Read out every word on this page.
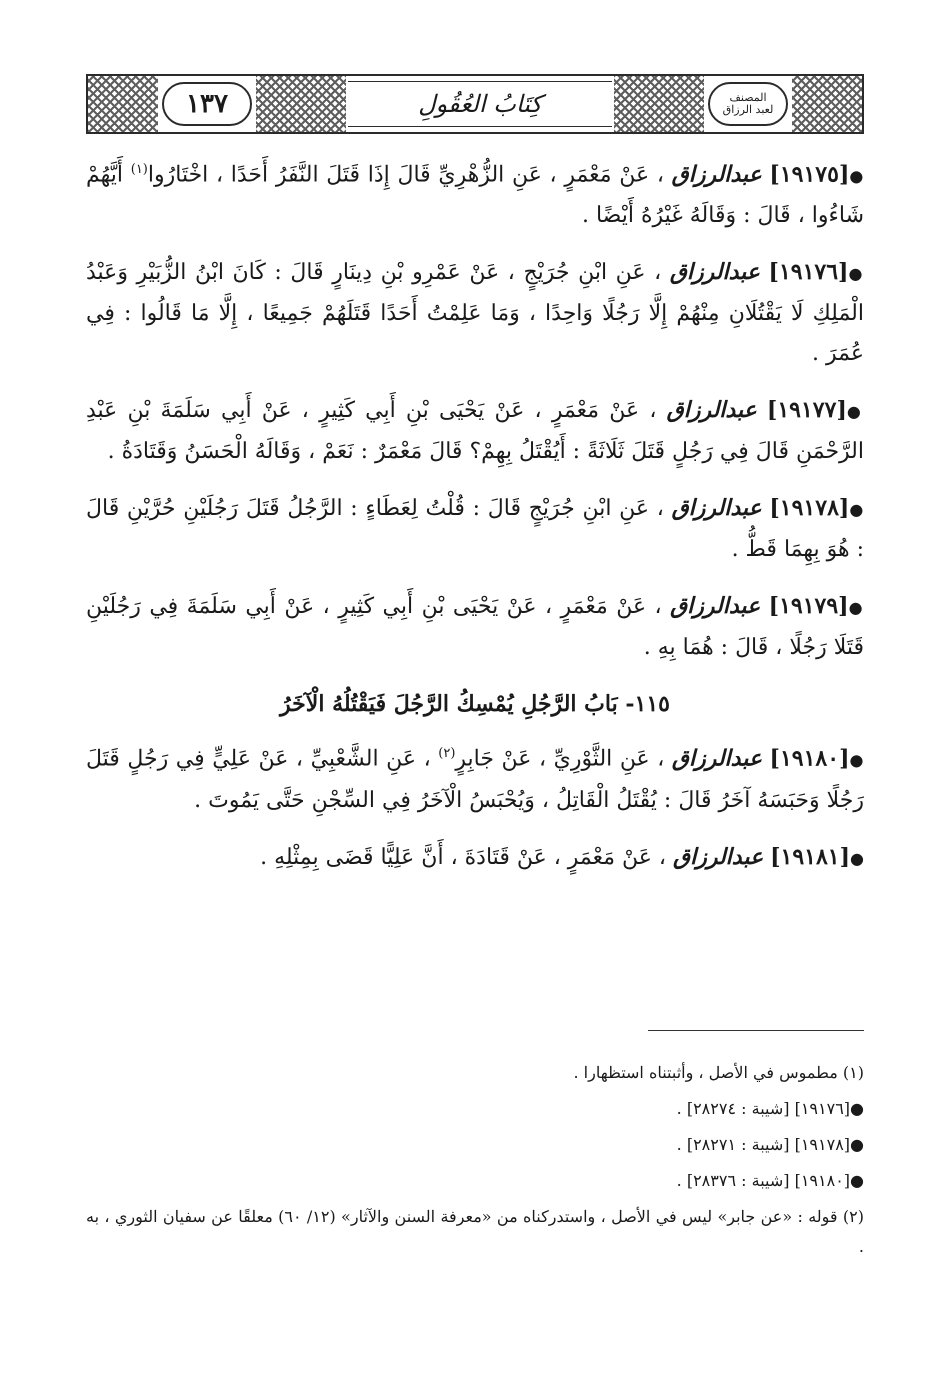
١٣٧	كِتَابُ العُقُولِ	المصنف
لعبد الرزاق

●[١٩١٧٥] عبدالرزاق ، عَنْ مَعْمَرٍ ، عَنِ الزُّهْرِيِّ قَالَ إِذَا قَتَلَ النَّفَرُ أَحَدًا ، اخْتَارُوا$^{(١)}$ أَيَّهُمْ شَاءُوا ، قَالَ : وَقَالَهُ غَيْرُهُ أَيْضًا .

●[١٩١٧٦] عبدالرزاق ، عَنِ ابْنِ جُرَيْجٍ ، عَنْ عَمْرِو بْنِ دِينَارٍ قَالَ : كَانَ ابْنُ الزُّبَيْرِ وَعَبْدُ الْمَلِكِ لَا يَقْتُلَانِ مِنْهُمْ إِلَّا رَجُلًا وَاحِدًا ، وَمَا عَلِمْتُ أَحَدًا قَتَلَهُمْ جَمِيعًا ، إِلَّا مَا قَالُوا : فِي عُمَرَ .

●[١٩١٧٧] عبدالرزاق ، عَنْ مَعْمَرٍ ، عَنْ يَحْيَى بْنِ أَبِي كَثِيرٍ ، عَنْ أَبِي سَلَمَةَ بْنِ عَبْدِ الرَّحْمَنِ قَالَ فِي رَجُلٍ قَتَلَ ثَلَاثَةً : أَيُقْتَلُ بِهِمْ؟ قَالَ مَعْمَرٌ : نَعَمْ ، وَقَالَهُ الْحَسَنُ وَقَتَادَةُ .

●[١٩١٧٨] عبدالرزاق ، عَنِ ابْنِ جُرَيْجٍ قَالَ : قُلْتُ لِعَطَاءٍ : الرَّجُلُ قَتَلَ رَجُلَيْنِ حُرَّيْنِ قَالَ : هُوَ بِهِمَا قَطُّ .

●[١٩١٧٩] عبدالرزاق ، عَنْ مَعْمَرٍ ، عَنْ يَحْيَى بْنِ أَبِي كَثِيرٍ ، عَنْ أَبِي سَلَمَةَ فِي رَجُلَيْنِ قَتَلَا رَجُلًا ، قَالَ : هُمَا بِهِ .

١١٥- بَابُ الرَّجُلِ يُمْسِكُ الرَّجُلَ فَيَقْتُلُهُ الْآخَرُ

●[١٩١٨٠] عبدالرزاق ، عَنِ الثَّوْرِيِّ ، عَنْ جَابِرٍ$^{(٢)}$ ، عَنِ الشَّعْبِيِّ ، عَنْ عَلِيٍّ فِي رَجُلٍ قَتَلَ رَجُلًا وَحَبَسَهُ آخَرُ قَالَ : يُقْتَلُ الْقَاتِلُ ، وَيُحْبَسُ الْآخَرُ فِي السِّجْنِ حَتَّى يَمُوتَ .

●[١٩١٨١] عبدالرزاق ، عَنْ مَعْمَرٍ ، عَنْ قَتَادَةَ ، أَنَّ عَلِيًّا قَضَى بِمِثْلِهِ .

(١) مطموس في الأصل ، وأثبتناه استظهارا .
●[١٩١٧٦] [شيبة : ٢٨٢٧٤] .
●[١٩١٧٨] [شيبة : ٢٨٢٧١] .
●[١٩١٨٠] [شيبة : ٢٨٣٧٦] .
(٢) قوله : «عن جابر» ليس في الأصل ، واستدركناه من «معرفة السنن والآثار» (١٢/ ٦٠) معلقًا عن سفيان الثوري ، به .
